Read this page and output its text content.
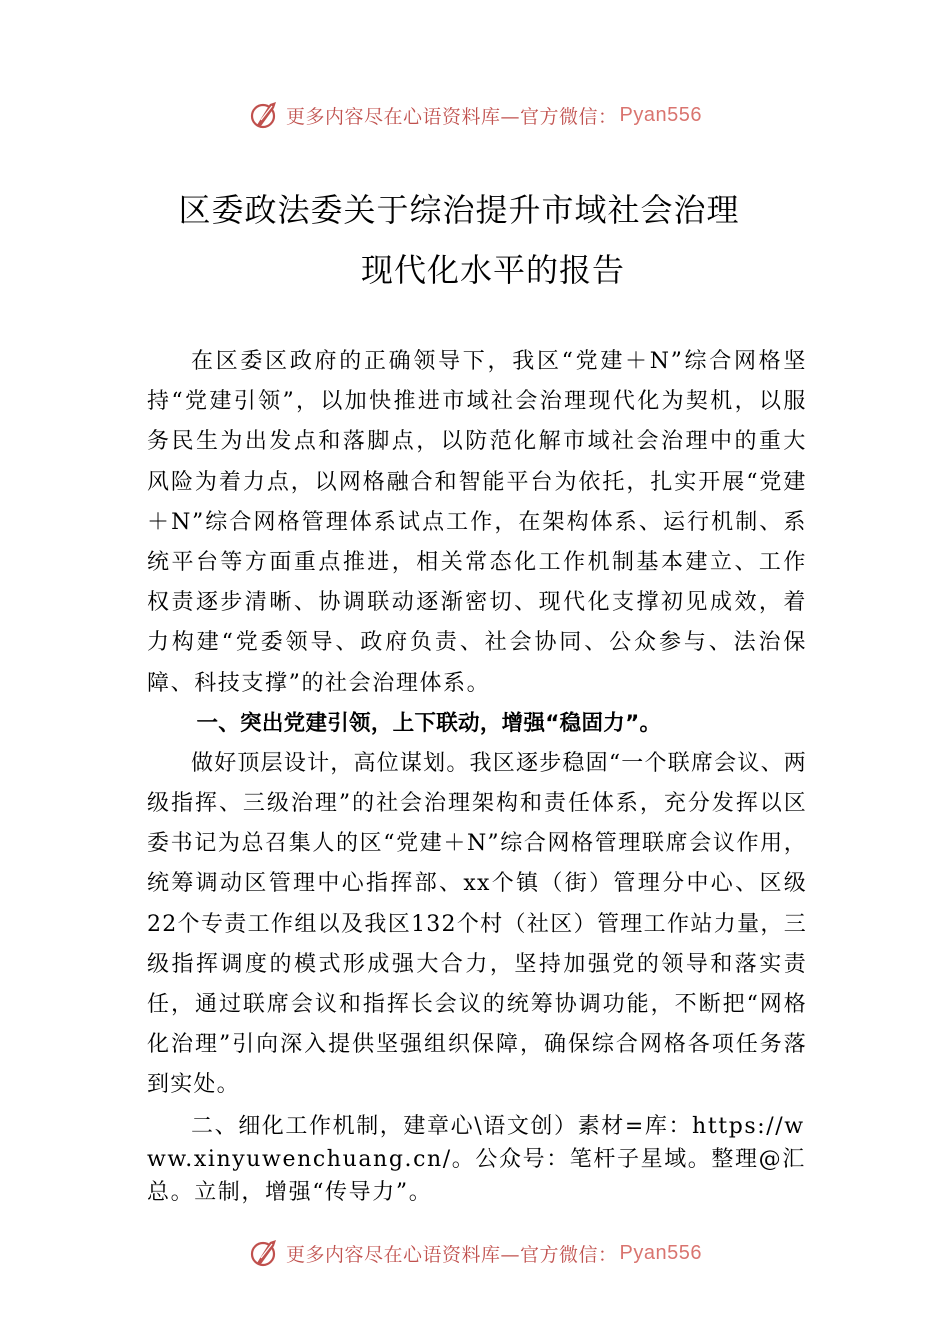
更多内容尽在心语资料库—官方微信： Pyan556
区委政法委关于综治提升市域社会治理
现代化水平的报告

在区委区政府的正确领导下，我区“党建＋N”综合网格坚持“党建引领”，以加快推进市域社会治理现代化为契机，以服务民生为出发点和落脚点，以防范化解市域社会治理中的重大风险为着力点，以网格融合和智能平台为依托，扎实开展“党建＋N”综合网格管理体系试点工作，在架构体系、运行机制、系统平台等方面重点推进，相关常态化工作机制基本建立、工作权责逐步清晰、协调联动逐渐密切、现代化支撑初见成效，着力构建“党委领导、政府负责、社会协同、公众参与、法治保障、科技支撑”的社会治理体系。

一、突出党建引领，上下联动，增强“稳固力”。

做好顶层设计，高位谋划。我区逐步稳固“一个联席会议、两级指挥、三级治理”的社会治理架构和责任体系，充分发挥以区委书记为总召集人的区“党建＋N”综合网格管理联席会议作用，统筹调动区管理中心指挥部、xx个镇（街）管理分中心、区级22个专责工作组以及我区132个村（社区）管理工作站力量，三级指挥调度的模式形成强大合力，坚持加强党的领导和落实责任，通过联席会议和指挥长会议的统筹协调功能，不断把“网格化治理”引向深入提供坚强组织保障，确保综合网格各项任务落到实处。

二、细化工作机制，建章心\语文创）素材=库：https://www.xinyuwenchuang.cn/。公众号：笔杆子星域。整理@汇总。立制，增强“传导力”。

更多内容尽在心语资料库—官方微信： Pyan556
